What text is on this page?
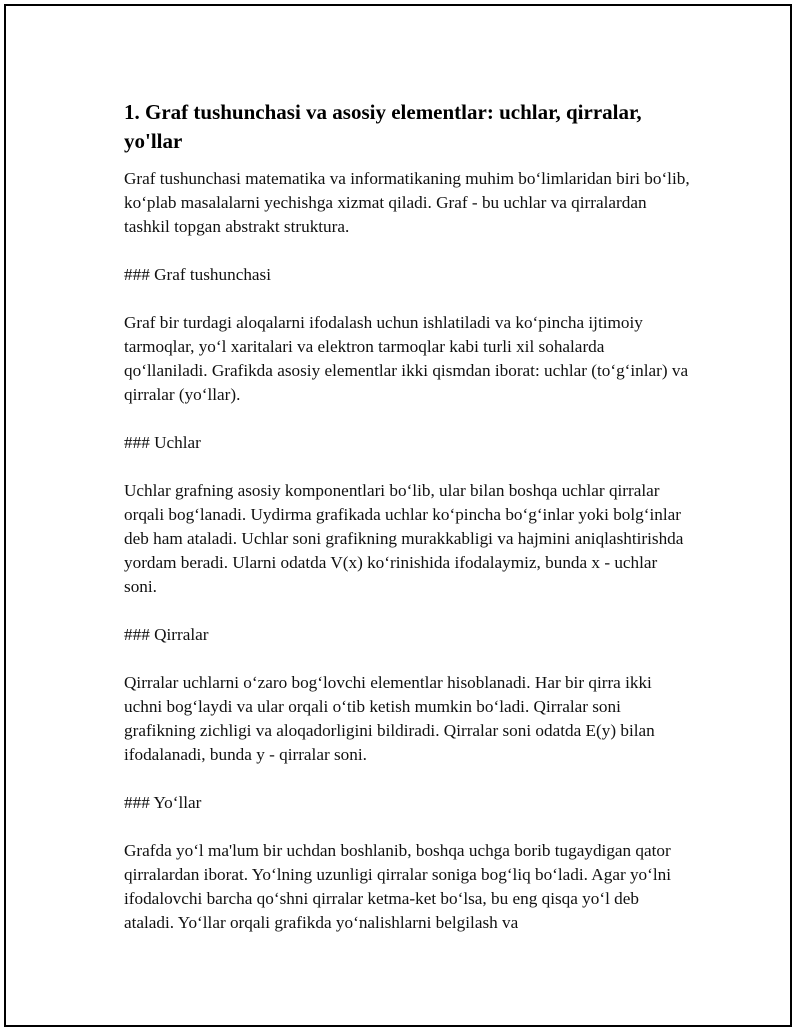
1. Graf tushunchasi va asosiy elementlar: uchlar, qirralar, yo'llar

Graf tushunchasi matematika va informatikaning muhim bo‘limlaridan biri bo‘lib, ko‘plab masalalarni yechishga xizmat qiladi. Graf - bu uchlar va qirralardan tashkil topgan abstrakt struktura.

### Graf tushunchasi

Graf bir turdagi aloqalarni ifodalash uchun ishlatiladi va ko‘pincha ijtimoiy tarmoqlar, yo‘l xaritalari va elektron tarmoqlar kabi turli xil sohalarda qo‘llaniladi. Grafikda asosiy elementlar ikki qismdan iborat: uchlar (to‘g‘inlar) va qirralar (yo‘llar).

### Uchlar

Uchlar grafning asosiy komponentlari bo‘lib, ular bilan boshqa uchlar qirralar orqali bog‘lanadi. Uydirma grafikada uchlar ko‘pincha bo‘g‘inlar yoki bolg‘inlar deb ham ataladi. Uchlar soni grafikning murakkabligi va hajmini aniqlashtirishda yordam beradi. Ularni odatda V(x) ko‘rinishida ifodalaymiz, bunda x - uchlar soni.

### Qirralar

Qirralar uchlarni o‘zaro bog‘lovchi elementlar hisoblanadi. Har bir qirra ikki uchni bog‘laydi va ular orqali o‘tib ketish mumkin bo‘ladi. Qirralar soni grafikning zichligi va aloqadorligini bildiradi. Qirralar soni odatda E(y) bilan ifodalanadi, bunda y - qirralar soni.

### Yo‘llar

Grafda yo‘l ma'lum bir uchdan boshlanib, boshqa uchga borib tugaydigan qator qirralardan iborat. Yo‘lning uzunligi qirralar soniga bog‘liq bo‘ladi. Agar yo‘lni ifodalovchi barcha qo‘shni qirralar ketma-ket bo‘lsa, bu eng qisqa yo‘l deb ataladi. Yo‘llar orqali grafikda yo‘nalishlarni belgilash va
